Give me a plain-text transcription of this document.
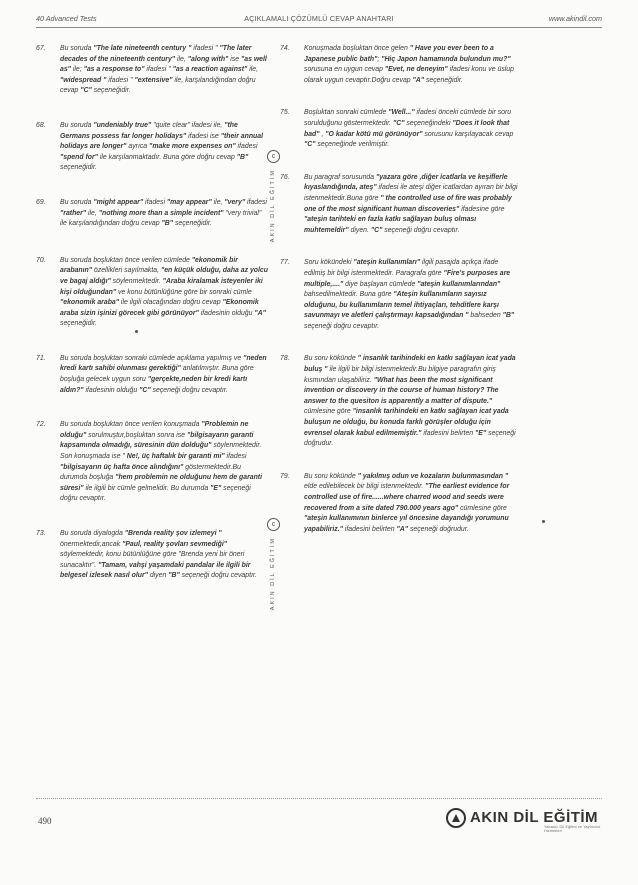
40 Advanced Tests	AÇIKLAMALI ÇÖZÜMLÜ CEVAP ANAHTARI	www.akindil.com
67. Bu soruda "The late nineteenth century " ifadesi " "The later decades of the nineteenth century" ile, "along with" ise "as well as" ile; "as a response to" ifadesi " "as a reaction against" ile, "widespread " ifadesi " "extensive" ile, karşılandığından doğru cevap "C" seçeneğidir.
68. Bu soruda "undeniably true" "quite clear" ifadesi ile, "the Germans possess far longer holidays" ifadesi ise "their annual holidays are longer" ayrıca "make more expenses on" ifadesi "spend for" ile karşılanmaktadır. Buna göre doğru cevap "B" seçeneğidir.
69. Bu soruda "might appear" ifadesi "may appear" ile, "very" ifadesi "rather" ile, "nothing more than a simple incident" "very trivial" ile karşılandığından doğru cevap "B" seçeneğidir.
70. Bu soruda boşluktan önce verilen cümlede "ekonomik bir arabanın" özellikleri sayılmakta, "en küçük olduğu, daha az yolcu ve bagaj aldığı" söylenmektedir. "Araba kiralamak isteyenler iki kişi olduğundan" ve konu bütünlüğüne göre bir sonraki cümle "ekonomik araba" ile ilgili olacağından doğru cevap "Ekonomik araba sizin işinizi görecek gibi görünüyor" ifadesinin olduğu "A" seçeneğidir.
71. Bu soruda boşluktan sonraki cümlede açıklama yapılmış ve "neden kredi kartı sahibi olunması gerektiği" anlatılmıştır. Buna göre boşluğa gelecek uygun soru "gerçekte,neden bir kredi kartı aldın?" ifadesinin olduğu "C" seçeneği doğru cevaptır.
72. Bu soruda boşluktan önce verilen konuşmada "Problemin ne olduğu" sorulmuştur,boşluktan sonra ise "bilgisayarın garanti kapsamında olmadığı, süresinin dün dolduğu" söylenmektedir. Son konuşmada ise " Ne!, üç haftalık bir garanti mi" ifadesi "bilgisayarın üç hafta önce alındığını" göstermektedir.Bu durumda boşluğa "hem problemin ne olduğunu hem de garanti süresi" ile ilgili bir cümle gelmelidir. Bu durumda "E" seçeneği doğru cevaptır.
73. Bu soruda diyalogda "Brenda reality şov izlemeyi " önermektedir,ancak "Paul, reality şovları sevmediği" söylemektedir, konu bütünlüğüne göre "Brenda yeni bir öneri sunacaktır". "Tamam, vahşi yaşamdaki pandalar ile ilgili bir belgesel izlesek nasıl olur" diyen "B" seçeneği doğru cevaptır.
74. Konuşmada boşluktan önce gelen " Have you ever been to a Japanese public bath"; "Hiç Japon hamamında bulundun mu?" sorusuna en uygun cevap "Evet, ne deneyim" ifadesi konu ve üslup olarak uygun cevaptır.Doğru cevap "A" seçeneğidir.
75. Boşluktan sonraki cümlede "Well..." ifadesi önceki cümlede bir soru sorulduğunu göstermektedir. "C" seçeneğindeki "Does it look that bad" , "O kadar kötü mü görünüyor" sorusunu karşılayacak cevap "C" seçeneğinde verilmiştir.
76. Bu paragraf sorusunda "yazara göre ,diğer icatlarla ve keşiflerle kıyaslandığında, ateş" ifadesi ile ateşi diğer icatlardan ayıran bir bilgi istenmektedir.Buna göre " the controlled use of fire was probably one of the most significant human discoveries" ifadesine göre "ateşin tarihteki en fazla katkı sağlayan buluş olması muhtemeldir" diyen. "C" seçeneği doğru cevaptır.
77. Soru kökündeki "ateşin kullanımları" ilgili pasajda açıkça ifade edilmiş bir bilgi istenmektedir. Paragrafa göre "Fire's purposes are multiple,...." diye başlayan cümlede "ateşin kullanımlarından" bahsedilmektedir. Buna göre "Ateşin kullanımların sayısız olduğunu, bu kullanımların temel ihtiyaçları, tehditlere karşı savunmayı ve aletleri çalıştırmayı kapsadığından " bahseden "B" seçeneği doğru cevaptır.
78. Bu soru kökünde " insanlık tarihindeki en katkı sağlayan icat yada buluş " ile ilgili bir bilgi istenmektedir.Bu bilgiye paragrafın giriş kısmından ulaşabiliriz. "What has been the most significant invention or discovery in the course of human history? The answer to the quesiton is apparently a matter of dispute." cümlesine göre "insanlık tarihindeki en katkı sağlayan icat yada buluşun ne olduğu, bu konuda farklı görüşler olduğu için evrensel olarak kabul edilmemiştir." ifadesini belirten "E" seçeneği doğrudur.
79. Bu soru kökünde " yakılmış odun ve kozaların bulunmasından " elde edilebilecek bir bilgi istenmektedir. "The earliest evidence for controlled use of fire......where charred wood and seeds were recovered from a site dated 790.000 years ago" cümlesine göre "ateşin kullanımının binlerce yıl öncesine dayandığı yorumunu yapabiliriz." ifadesini belirten "A" seçeneği doğrudur.
c
AKIN DİL EĞİTİM
c
AKIN DİL EĞİTİM
490	AKIN DİL EĞİTİM
Yabancı Dil Eğitim ve Yayıncılık Hizmetleri
